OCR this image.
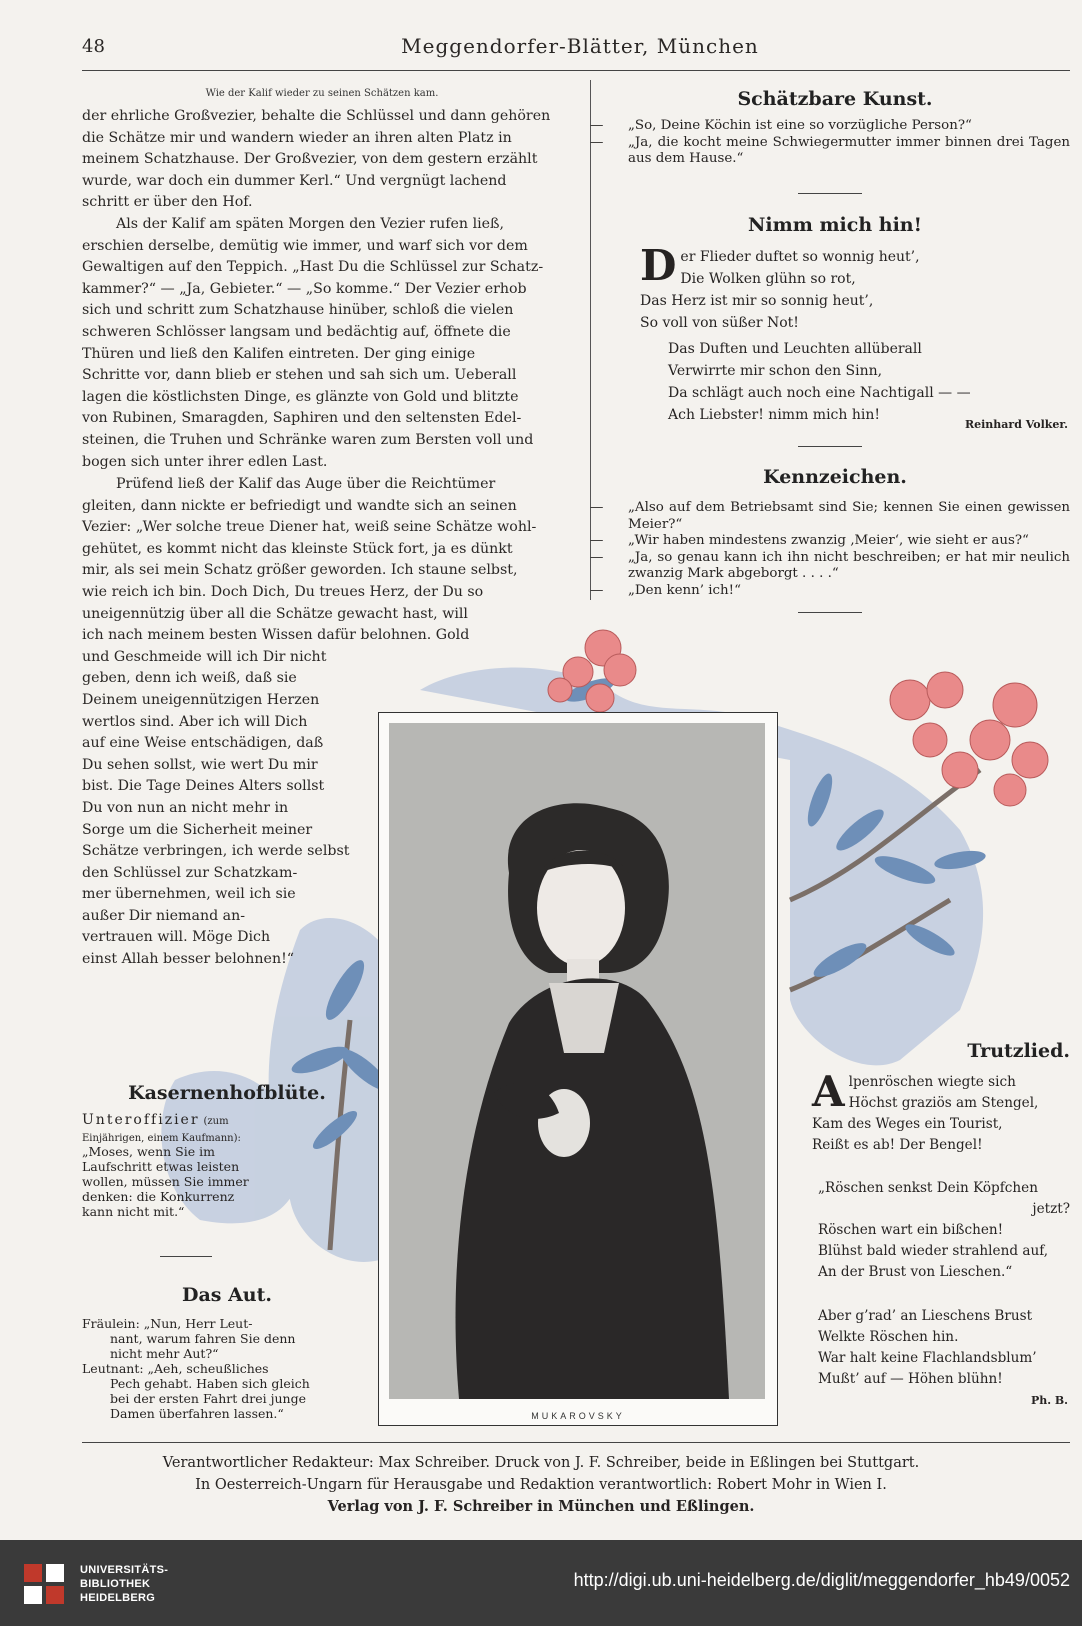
48	Meggendorfer-Blätter, München
Wie der Kalif wieder zu seinen Schätzen kam.
der ehrliche Großvezier, behalte die Schlüssel und dann gehören
die Schätze mir und wandern wieder an ihren alten Platz in
meinem Schatzhause. Der Großvezier, von dem gestern erzählt
wurde, war doch ein dummer Kerl.“ Und vergnügt lachend
schritt er über den Hof.
Als der Kalif am späten Morgen den Vezier rufen ließ,
erschien derselbe, demütig wie immer, und warf sich vor dem
Gewaltigen auf den Teppich. „Hast Du die Schlüssel zur Schatz-
kammer?“ — „Ja, Gebieter.“ — „So komme.“ Der Vezier erhob
sich und schritt zum Schatzhause hinüber, schloß die vielen
schweren Schlösser langsam und bedächtig auf, öffnete die
Thüren und ließ den Kalifen eintreten. Der ging einige
Schritte vor, dann blieb er stehen und sah sich um. Ueberall
lagen die köstlichsten Dinge, es glänzte von Gold und blitzte
von Rubinen, Smaragden, Saphiren und den seltensten Edel-
steinen, die Truhen und Schränke waren zum Bersten voll und
bogen sich unter ihrer edlen Last.
Prüfend ließ der Kalif das Auge über die Reichtümer
gleiten, dann nickte er befriedigt und wandte sich an seinen
Vezier: „Wer solche treue Diener hat, weiß seine Schätze wohl-
gehütet, es kommt nicht das kleinste Stück fort, ja es dünkt
mir, als sei mein Schatz größer geworden. Ich staune selbst,
wie reich ich bin. Doch Dich, Du treues Herz, der Du so
uneigennützig über all die Schätze gewacht hast, will
ich nach meinem besten Wissen dafür belohnen. Gold
und Geschmeide will ich Dir nicht
geben, denn ich weiß, daß sie
Deinem uneigennützigen Herzen
wertlos sind. Aber ich will Dich
auf eine Weise entschädigen, daß
Du sehen sollst, wie wert Du mir
bist. Die Tage Deines Alters sollst
Du von nun an nicht mehr in
Sorge um die Sicherheit meiner
Schätze verbringen, ich werde selbst
den Schlüssel zur Schatzkam-
mer übernehmen, weil ich sie
außer Dir niemand an-
vertrauen will. Möge Dich
einst Allah besser belohnen!“
Schätzbare Kunst.
— „So, Deine Köchin ist eine so vorzügliche Person?“
— „Ja, die kocht meine Schwiegermutter immer binnen drei Tagen aus dem Hause.“
Nimm mich hin!
D er Flieder duftet so wonnig heut’,
Die Wolken glühn so rot,
Das Herz ist mir so sonnig heut’,
So voll von süßer Not!
Das Duften und Leuchten allüberall
Verwirrte mir schon den Sinn,
Da schlägt auch noch eine Nachtigall — —
Ach Liebster! nimm mich hin!
Reinhard Volker.
Kennzeichen.
— „Also auf dem Betriebsamt sind Sie; kennen Sie einen gewissen Meier?“
— „Wir haben mindestens zwanzig ‚Meier‘, wie sieht er aus?“
— „Ja, so genau kann ich ihn nicht beschreiben; er hat mir neulich zwanzig Mark abgeborgt . . . .“
— „Den kenn’ ich!“
MUKAROVSKY
Kasernenhofblüte.
Unteroffizier (zum Einjährigen, einem Kaufmann):
„Moses, wenn Sie im
Laufschritt etwas leisten
wollen, müssen Sie immer
denken: die Konkurrenz
kann nicht mit.“
Das Aut.
Fräulein: „Nun, Herr Leut-
nant, warum fahren Sie denn
nicht mehr Aut?“
Leutnant: „Aeh, scheußliches
Pech gehabt. Haben sich gleich
bei der ersten Fahrt drei junge
Damen überfahren lassen.“
Trutzlied.
A lpenröschen wiegte sich
Höchst graziös am Stengel,
Kam des Weges ein Tourist,
Reißt es ab! Der Bengel!
„Röschen senkst Dein Köpfchen
jetzt?
Röschen wart ein bißchen!
Blühst bald wieder strahlend auf,
An der Brust von Lieschen.“
Aber g’rad’ an Lieschens Brust
Welkte Röschen hin.
War halt keine Flachlandsblum’
Mußt’ auf — Höhen blühn!
Ph. B.
Verantwortlicher Redakteur: Max Schreiber. Druck von J. F. Schreiber, beide in Eßlingen bei Stuttgart.
In Oesterreich-Ungarn für Herausgabe und Redaktion verantwortlich: Robert Mohr in Wien I.
Verlag von J. F. Schreiber in München und Eßlingen.
UNIVERSITÄTS-
BIBLIOTHEK
HEIDELBERG
http://digi.ub.uni-heidelberg.de/diglit/meggendorfer_hb49/0052
